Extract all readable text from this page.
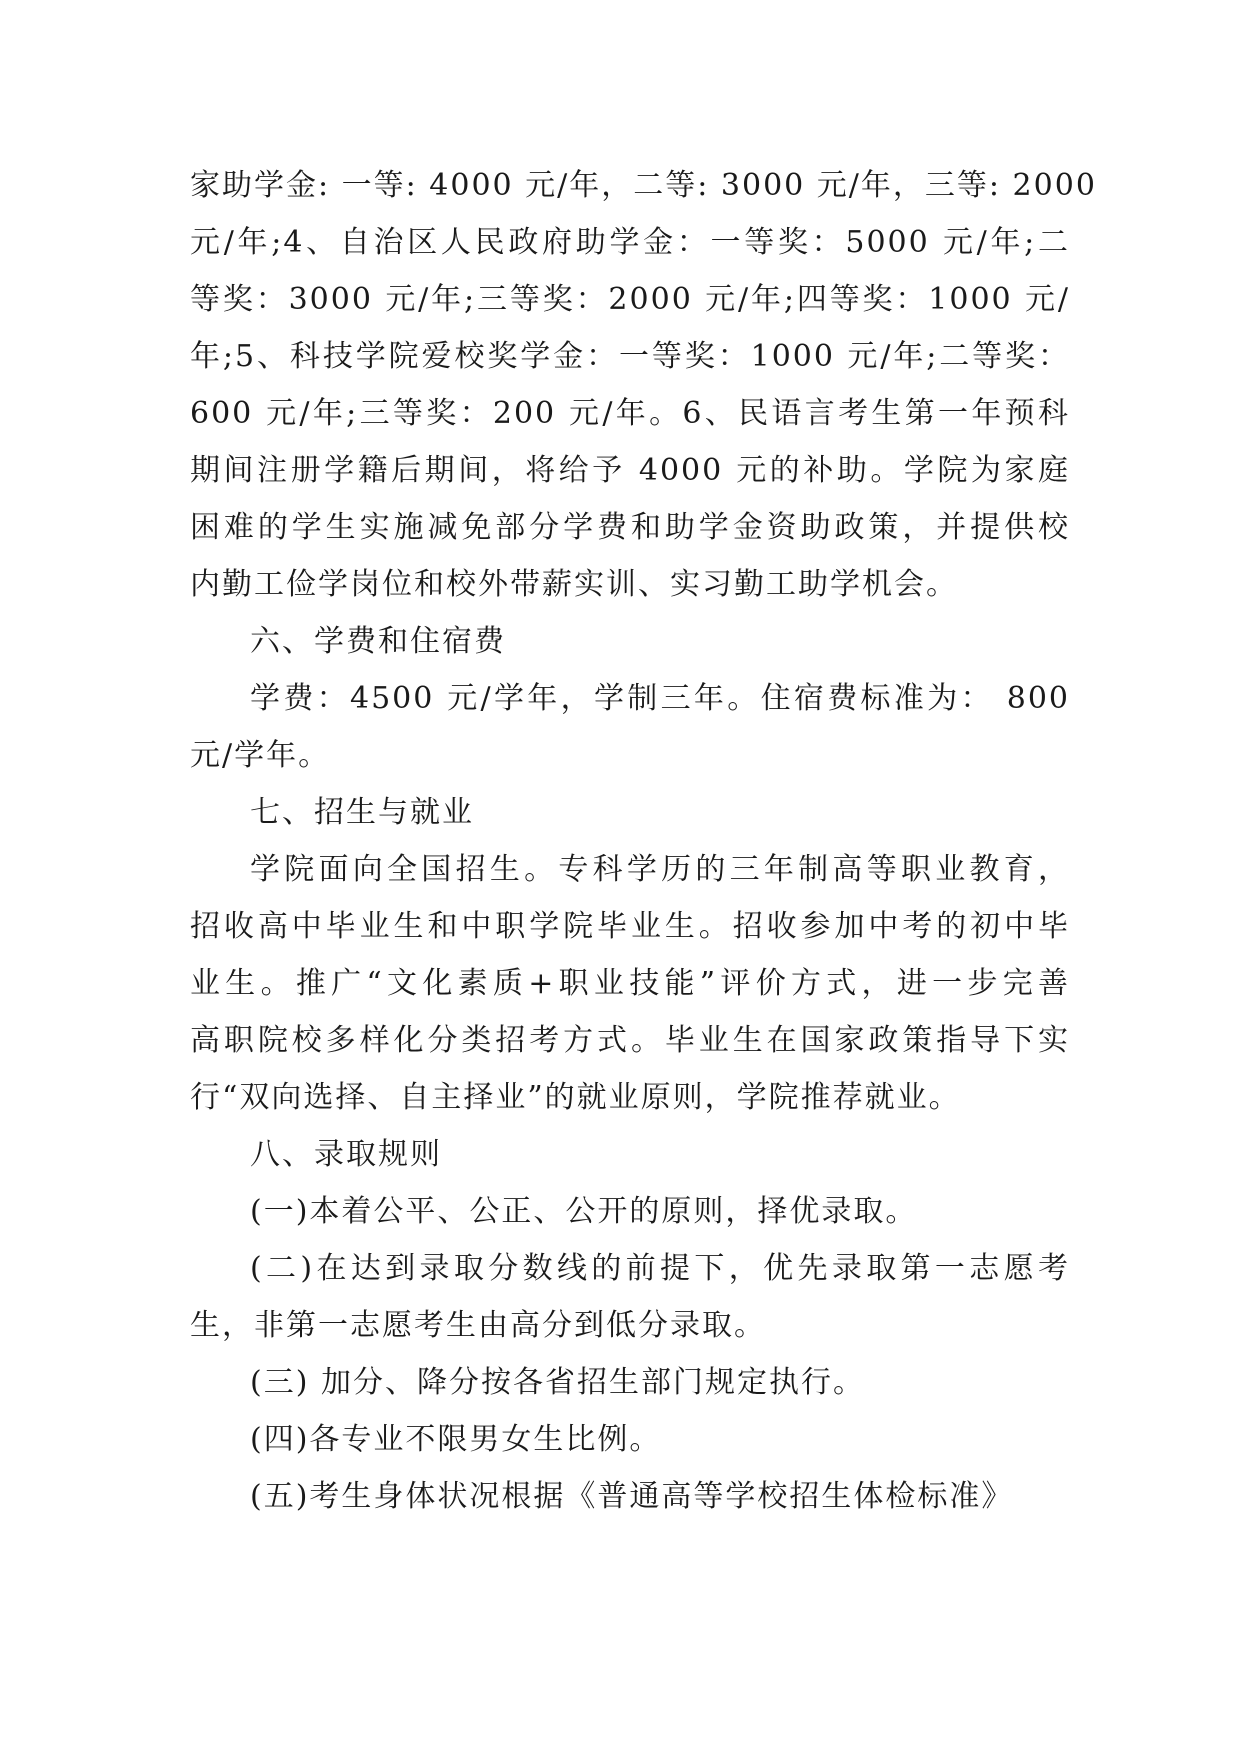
家助学金: 一等: 4000 元/年，二等: 3000 元/年，三等: 2000
元/年;4、自治区人民政府助学金：一等奖：5000 元/年;二
等奖：3000 元/年;三等奖：2000 元/年;四等奖：1000 元/
年;5、科技学院爱校奖学金：一等奖：1000 元/年;二等奖：
600 元/年;三等奖：200 元/年。6、民语言考生第一年预科
期间注册学籍后期间，将给予 4000 元的补助。学院为家庭
困难的学生实施减免部分学费和助学金资助政策，并提供校
内勤工俭学岗位和校外带薪实训、实习勤工助学机会。
六、学费和住宿费
学费：4500 元/学年，学制三年。住宿费标准为： 800
元/学年。
七、招生与就业
学院面向全国招生。专科学历的三年制高等职业教育，
招收高中毕业生和中职学院毕业生。招收参加中考的初中毕
业生。推广“文化素质+职业技能”评价方式，进一步完善
高职院校多样化分类招考方式。毕业生在国家政策指导下实
行“双向选择、自主择业”的就业原则，学院推荐就业。
八、录取规则
(一)本着公平、公正、公开的原则，择优录取。
(二)在达到录取分数线的前提下，优先录取第一志愿考
生，非第一志愿考生由高分到低分录取。
(三) 加分、降分按各省招生部门规定执行。
(四)各专业不限男女生比例。
(五)考生身体状况根据《普通高等学校招生体检标准》
